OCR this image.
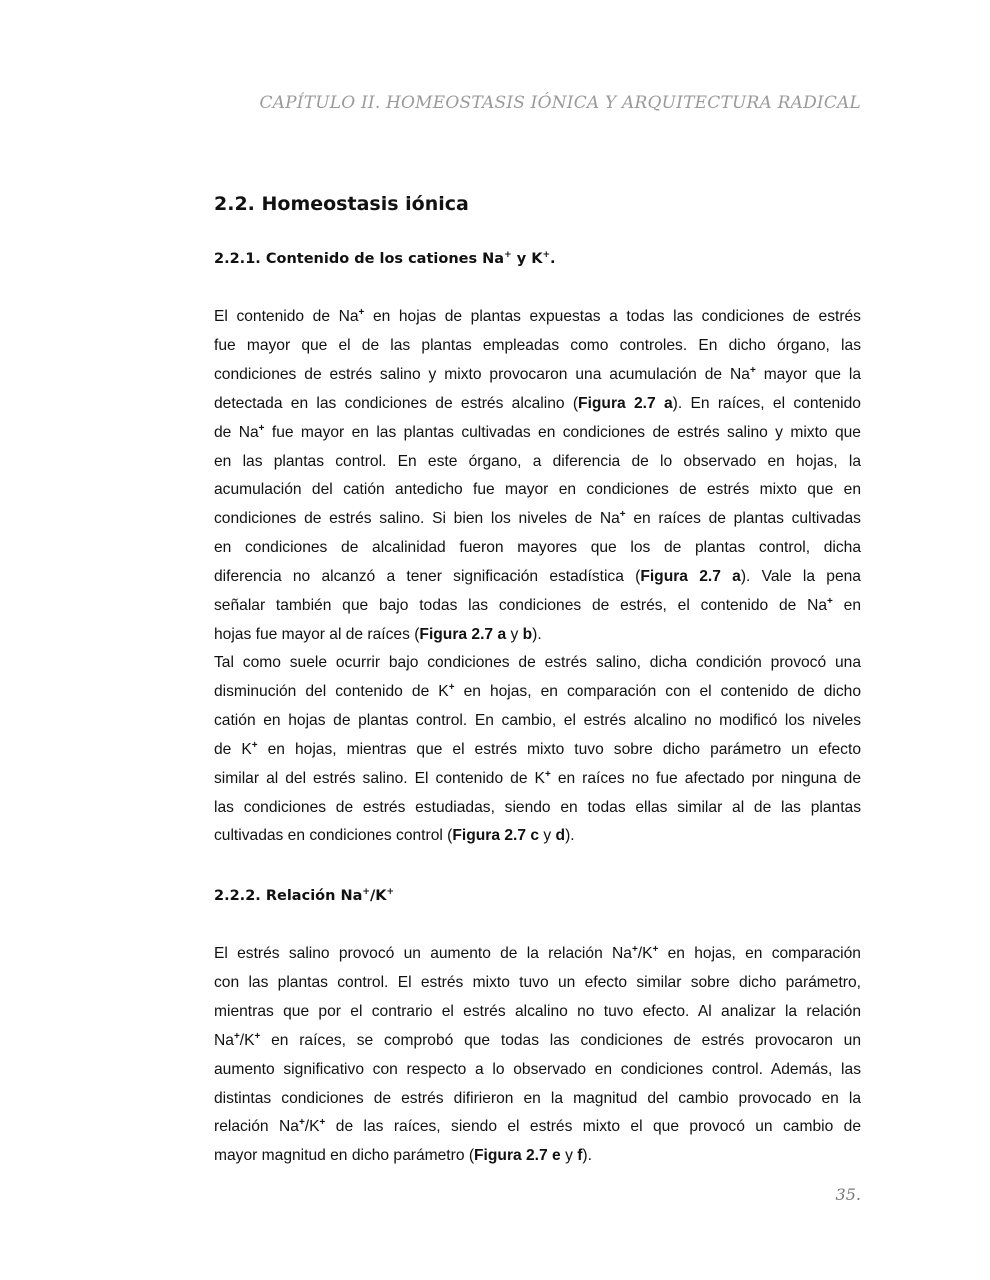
CAPÍTULO II. HOMEOSTASIS IÓNICA Y ARQUITECTURA RADICAL
2.2. Homeostasis iónica
2.2.1. Contenido de los cationes Na+ y K+.
El contenido de Na+ en hojas de plantas expuestas a todas las condiciones de estrés
fue mayor que el de las plantas empleadas como controles. En dicho órgano, las
condiciones de estrés salino y mixto provocaron una acumulación de Na+ mayor que la
detectada en las condiciones de estrés alcalino (Figura 2.7 a). En raíces, el contenido
de Na+ fue mayor en las plantas cultivadas en condiciones de estrés salino y mixto que
en las plantas control. En este órgano, a diferencia de lo observado en hojas, la
acumulación del catión antedicho fue mayor en condiciones de estrés mixto que en
condiciones de estrés salino. Si bien los niveles de Na+ en raíces de plantas cultivadas
en condiciones de alcalinidad fueron mayores que los de plantas control, dicha
diferencia no alcanzó a tener significación estadística (Figura 2.7 a). Vale la pena
señalar también que bajo todas las condiciones de estrés, el contenido de Na+ en
hojas fue mayor al de raíces (Figura 2.7 a y b).
Tal como suele ocurrir bajo condiciones de estrés salino, dicha condición provocó una
disminución del contenido de K+ en hojas, en comparación con el contenido de dicho
catión en hojas de plantas control. En cambio, el estrés alcalino no modificó los niveles
de K+ en hojas, mientras que el estrés mixto tuvo sobre dicho parámetro un efecto
similar al del estrés salino. El contenido de K+ en raíces no fue afectado por ninguna de
las condiciones de estrés estudiadas, siendo en todas ellas similar al de las plantas
cultivadas en condiciones control (Figura 2.7 c y d).
2.2.2. Relación Na+/K+
El estrés salino provocó un aumento de la relación Na+/K+ en hojas, en comparación
con las plantas control. El estrés mixto tuvo un efecto similar sobre dicho parámetro,
mientras que por el contrario el estrés alcalino no tuvo efecto. Al analizar la relación
Na+/K+ en raíces, se comprobó que todas las condiciones de estrés provocaron un
aumento significativo con respecto a lo observado en condiciones control. Además, las
distintas condiciones de estrés difirieron en la magnitud del cambio provocado en la
relación Na+/K+ de las raíces, siendo el estrés mixto el que provocó un cambio de
mayor magnitud en dicho parámetro (Figura 2.7 e y f).
35.
